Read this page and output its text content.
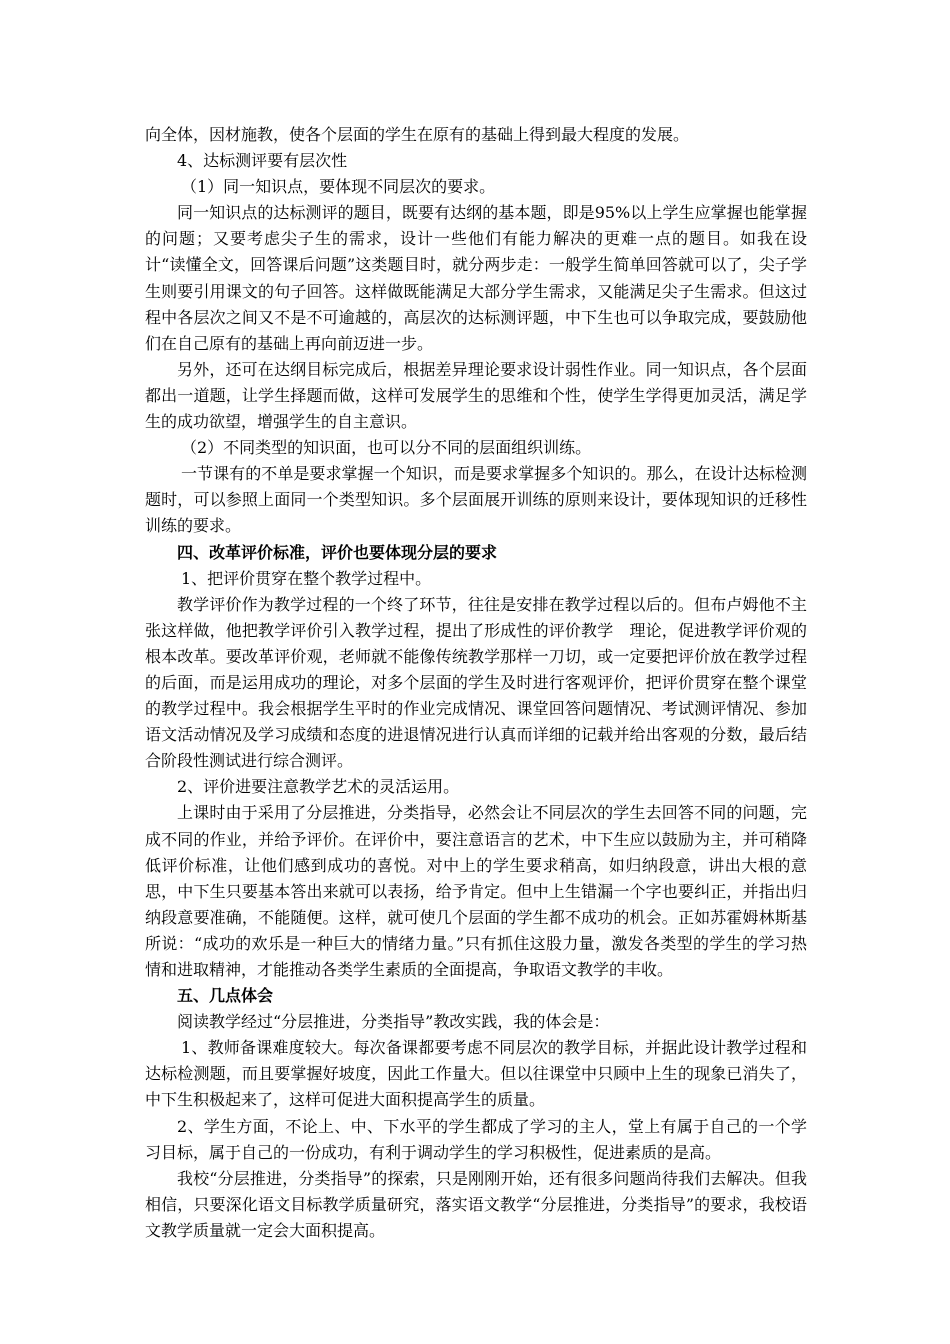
向全体，因材施教，使各个层面的学生在原有的基础上得到最大程度的发展。

4、达标测评要有层次性

（1）同一知识点，要体现不同层次的要求。

同一知识点的达标测评的题目，既要有达纲的基本题，即是95%以上学生应掌握也能掌握的问题；又要考虑尖子生的需求，设计一些他们有能力解决的更难一点的题目。如我在设计“读懂全文，回答课后问题”这类题目时，就分两步走：一般学生简单回答就可以了，尖子学生则要引用课文的句子回答。这样做既能满足大部分学生需求，又能满足尖子生需求。但这过程中各层次之间又不是不可逾越的，高层次的达标测评题，中下生也可以争取完成，要鼓励他们在自己原有的基础上再向前迈进一步。

另外，还可在达纲目标完成后，根据差异理论要求设计弱性作业。同一知识点，各个层面都出一道题，让学生择题而做，这样可发展学生的思维和个性，使学生学得更加灵活，满足学生的成功欲望，增强学生的自主意识。

（2）不同类型的知识面，也可以分不同的层面组织训练。

一节课有的不单是要求掌握一个知识，而是要求掌握多个知识的。那么，在设计达标检测题时，可以参照上面同一个类型知识。多个层面展开训练的原则来设计，要体现知识的迁移性训练的要求。

四、改革评价标准，评价也要体现分层的要求

1、把评价贯穿在整个教学过程中。

教学评价作为教学过程的一个终了环节，往往是安排在教学过程以后的。但布卢姆他不主张这样做，他把教学评价引入教学过程，提出了形成性的评价教学　理论，促进教学评价观的根本改革。要改革评价观，老师就不能像传统教学那样一刀切，或一定要把评价放在教学过程的后面，而是运用成功的理论，对多个层面的学生及时进行客观评价，把评价贯穿在整个课堂的教学过程中。我会根据学生平时的作业完成情况、课堂回答问题情况、考试测评情况、参加语文活动情况及学习成绩和态度的进退情况进行认真而详细的记载并给出客观的分数，最后结合阶段性测试进行综合测评。

2、评价进要注意教学艺术的灵活运用。

上课时由于采用了分层推进，分类指导，必然会让不同层次的学生去回答不同的问题，完成不同的作业，并给予评价。在评价中，要注意语言的艺术，中下生应以鼓励为主，并可稍降低评价标准，让他们感到成功的喜悦。对中上的学生要求稍高，如归纳段意，讲出大根的意思，中下生只要基本答出来就可以表扬，给予肯定。但中上生错漏一个字也要纠正，并指出归纳段意要准确，不能随便。这样，就可使几个层面的学生都不成功的机会。正如苏霍姆林斯基所说：“成功的欢乐是一种巨大的情绪力量。”只有抓住这股力量，激发各类型的学生的学习热情和进取精神，才能推动各类学生素质的全面提高，争取语文教学的丰收。

五、几点体会

阅读教学经过“分层推进，分类指导”教改实践，我的体会是：

1、教师备课难度较大。每次备课都要考虑不同层次的教学目标，并据此设计教学过程和达标检测题，而且要掌握好坡度，因此工作量大。但以往课堂中只顾中上生的现象已消失了，中下生积极起来了，这样可促进大面积提高学生的质量。

2、学生方面，不论上、中、下水平的学生都成了学习的主人，堂上有属于自己的一个学习目标，属于自己的一份成功，有利于调动学生的学习积极性，促进素质的是高。

我校“分层推进，分类指导”的探索，只是刚刚开始，还有很多问题尚待我们去解决。但我相信，只要深化语文目标教学质量研究，落实语文教学“分层推进，分类指导”的要求，我校语文教学质量就一定会大面积提高。
